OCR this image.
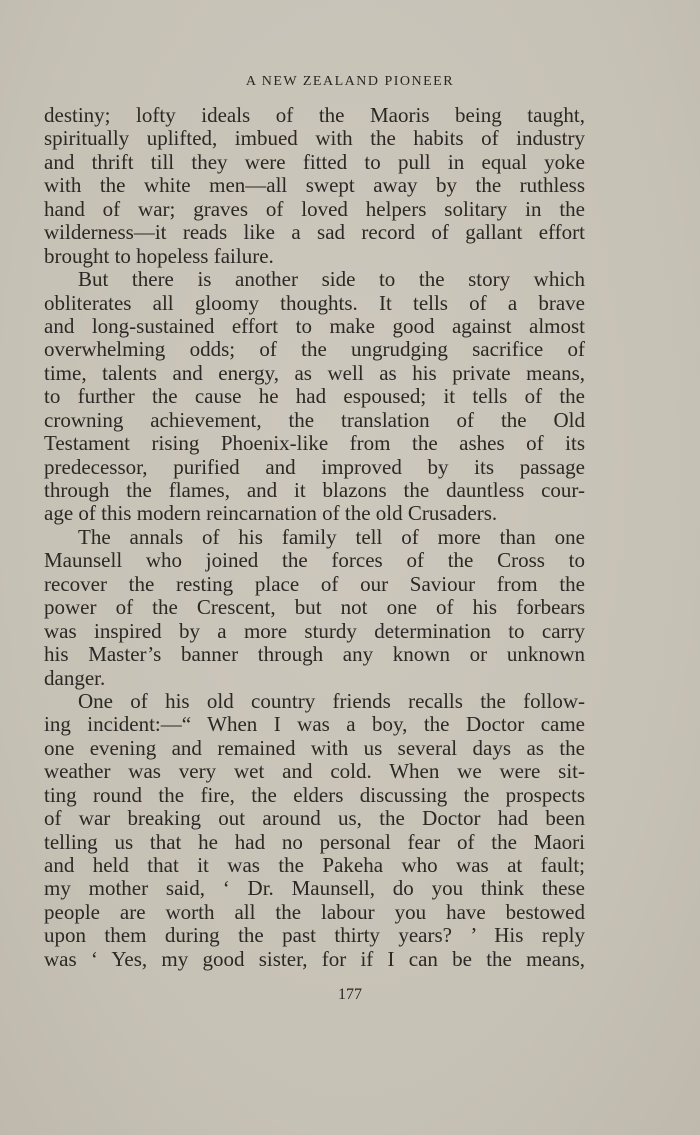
A NEW ZEALAND PIONEER
destiny; lofty ideals of the Maoris being taught,
spiritually uplifted, imbued with the habits of industry
and thrift till they were fitted to pull in equal yoke
with the white men—all swept away by the ruthless
hand of war; graves of loved helpers solitary in the
wilderness—it reads like a sad record of gallant effort
brought to hopeless failure.
But there is another side to the story which
obliterates all gloomy thoughts. It tells of a brave
and long-sustained effort to make good against almost
overwhelming odds; of the ungrudging sacrifice of
time, talents and energy, as well as his private means,
to further the cause he had espoused; it tells of the
crowning achievement, the translation of the Old
Testament rising Phoenix-like from the ashes of its
predecessor, purified and improved by its passage
through the flames, and it blazons the dauntless cour-
age of this modern reincarnation of the old Crusaders.
The annals of his family tell of more than one
Maunsell who joined the forces of the Cross to
recover the resting place of our Saviour from the
power of the Crescent, but not one of his forbears
was inspired by a more sturdy determination to carry
his Master’s banner through any known or unknown
danger.
One of his old country friends recalls the follow-
ing incident:—“ When I was a boy, the Doctor came
one evening and remained with us several days as the
weather was very wet and cold. When we were sit-
ting round the fire, the elders discussing the prospects
of war breaking out around us, the Doctor had been
telling us that he had no personal fear of the Maori
and held that it was the Pakeha who was at fault;
my mother said, ‘ Dr. Maunsell, do you think these
people are worth all the labour you have bestowed
upon them during the past thirty years? ’ His reply
was ‘ Yes, my good sister, for if I can be the means,
177
